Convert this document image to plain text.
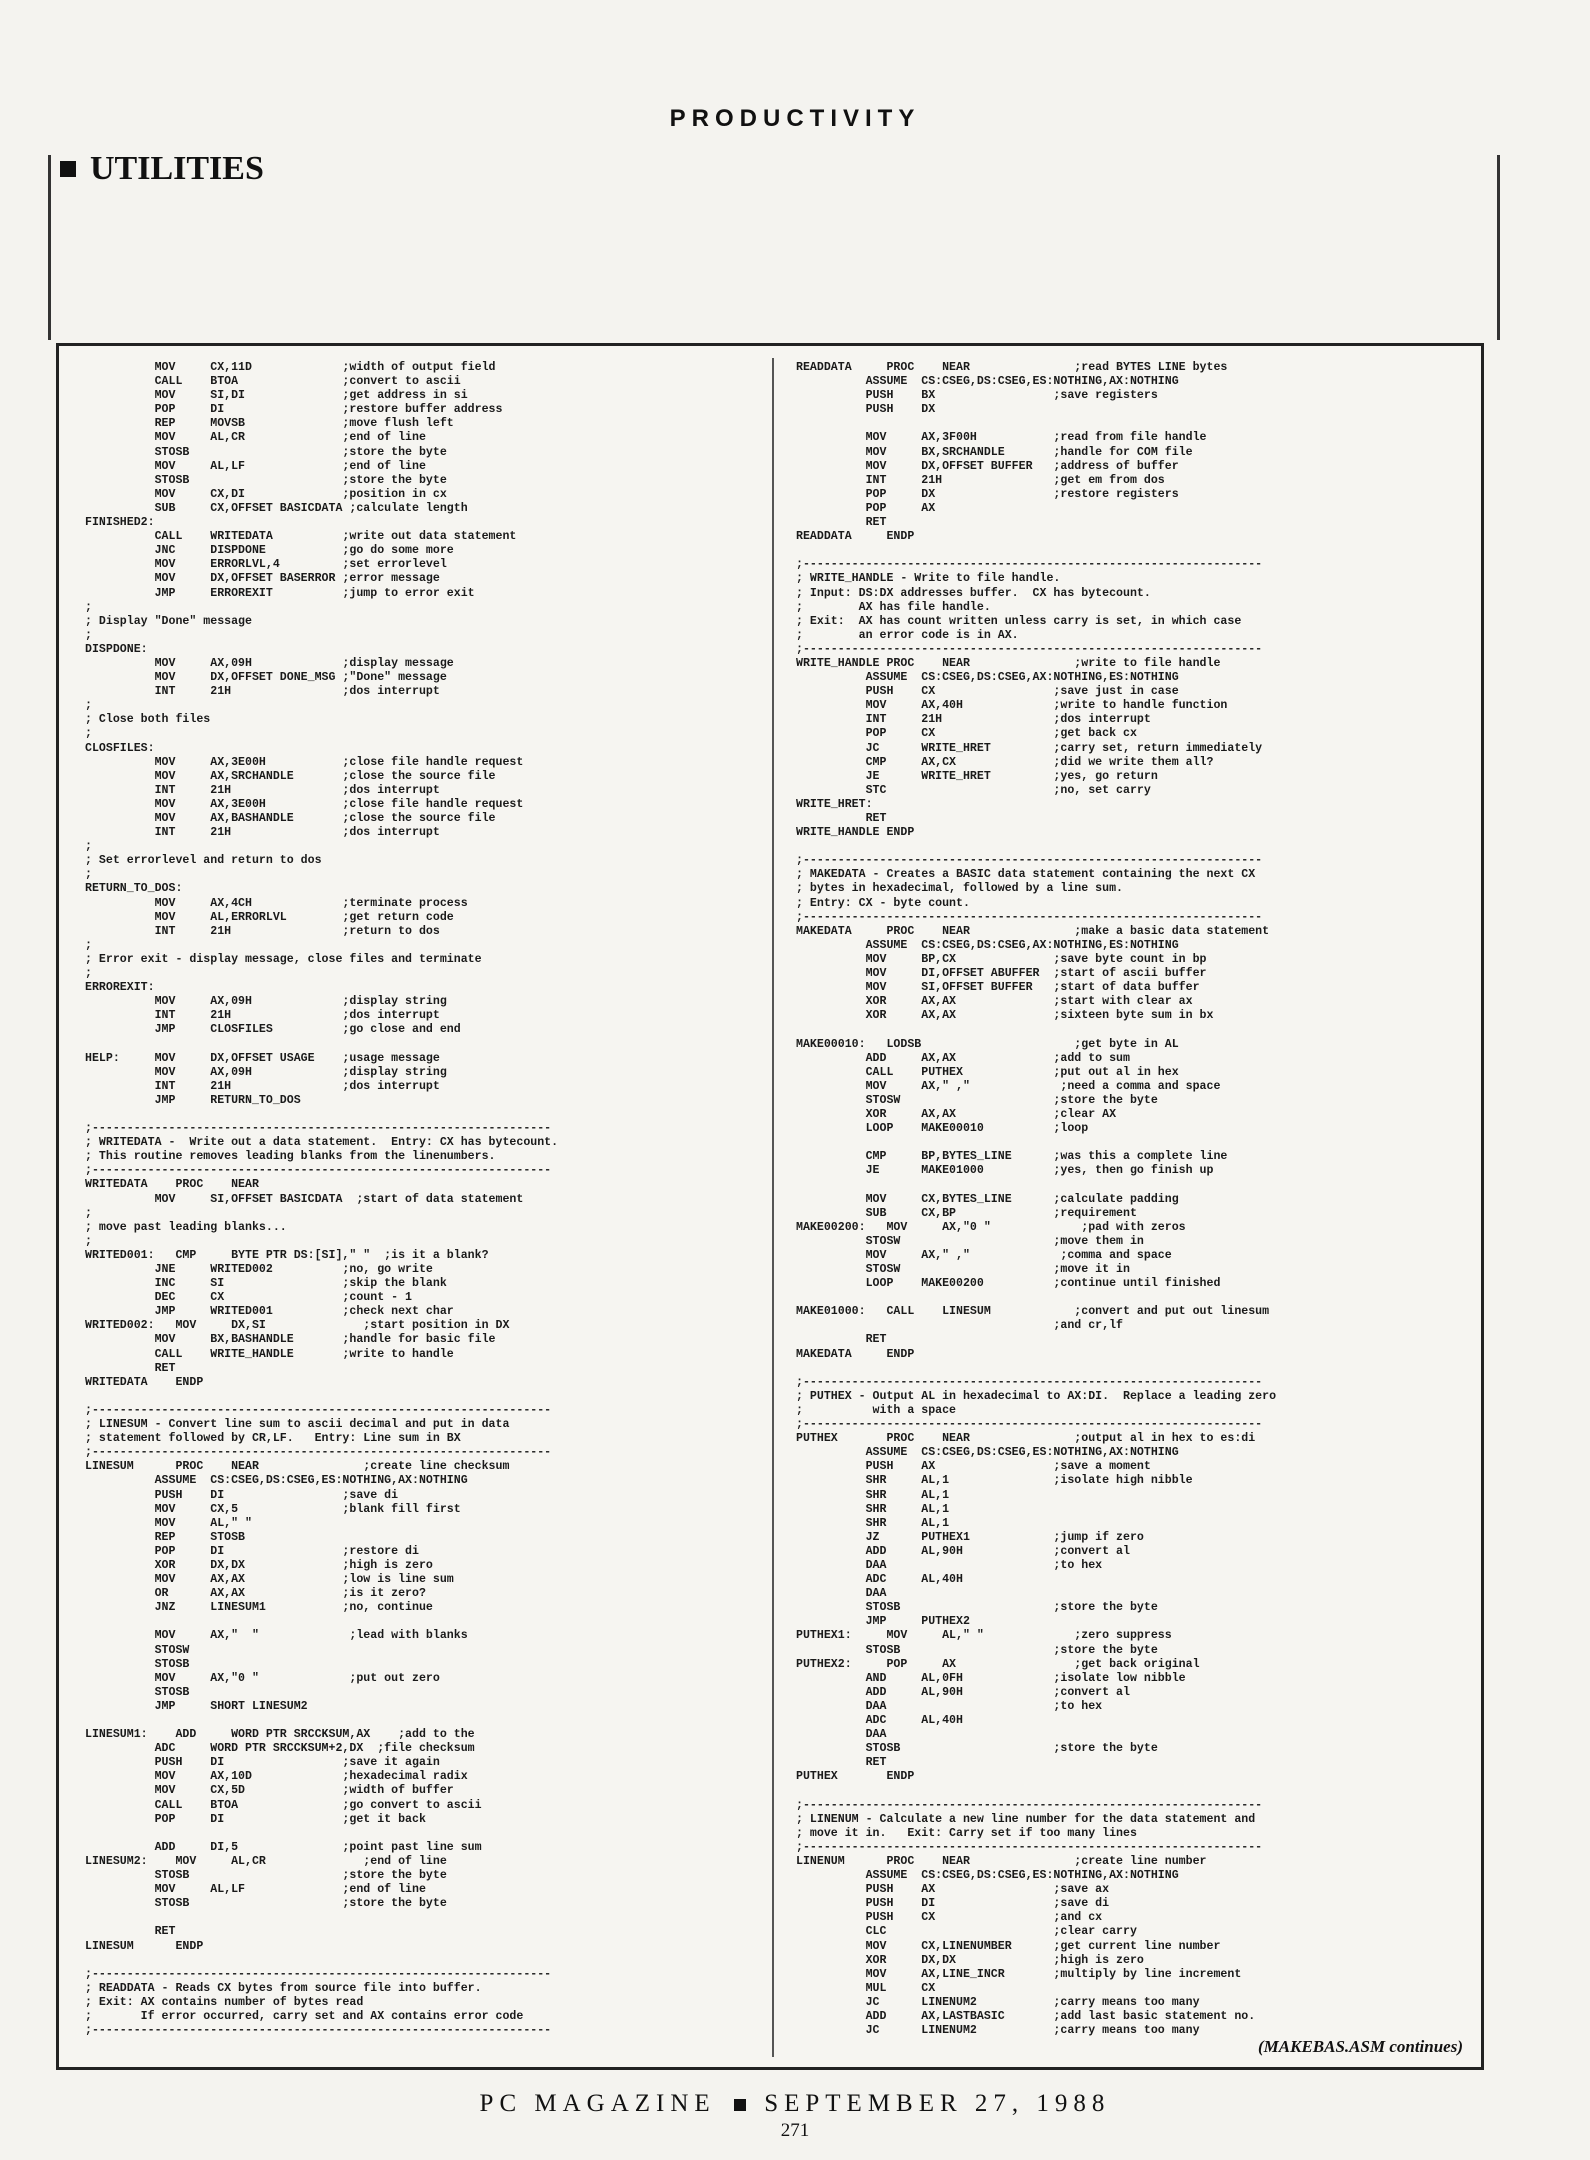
PRODUCTIVITY
UTILITIES
MOV     CX,11D             ;width of output field
CALL    BTOA               ;convert to ascii
MOV     SI,DI              ;get address in si
POP     DI                 ;restore buffer address
REP     MOVSB              ;move flush left
MOV     AL,CR              ;end of line
STOSB                      ;store the byte
MOV     AL,LF              ;end of line
STOSB                      ;store the byte
MOV     CX,DI              ;position in cx
SUB     CX,OFFSET BASICDATA ;calculate length
FINISHED2:
CALL    WRITEDATA          ;write out data statement
JNC     DISPDONE           ;go do some more
MOV     ERRORLVL,4         ;set errorlevel
MOV     DX,OFFSET BASERROR ;error message
JMP     ERROREXIT          ;jump to error exit
;
; Display "Done" message
;
DISPDONE:
MOV     AX,09H             ;display message
MOV     DX,OFFSET DONE_MSG ;"Done" message
INT     21H                ;dos interrupt
;
; Close both files
;
CLOSFILES:
MOV     AX,3E00H           ;close file handle request
MOV     AX,SRCHANDLE       ;close the source file
INT     21H                ;dos interrupt
MOV     AX,3E00H           ;close file handle request
MOV     AX,BASHANDLE       ;close the source file
INT     21H                ;dos interrupt
;
; Set errorlevel and return to dos
;
RETURN_TO_DOS:
MOV     AX,4CH             ;terminate process
MOV     AL,ERRORLVL        ;get return code
INT     21H                ;return to dos
;
; Error exit - display message, close files and terminate
;
ERROREXIT:
MOV     AX,09H             ;display string
INT     21H                ;dos interrupt
JMP     CLOSFILES          ;go close and end
HELP:     MOV     DX,OFFSET USAGE    ;usage message
MOV     AX,09H             ;display string
INT     21H                ;dos interrupt
JMP     RETURN_TO_DOS
;------------------------------------------------------------------
; WRITEDATA -  Write out a data statement.  Entry: CX has bytecount.
; This routine removes leading blanks from the linenumbers.
;------------------------------------------------------------------
WRITEDATA    PROC    NEAR
MOV     SI,OFFSET BASICDATA  ;start of data statement
;
; move past leading blanks...
;
WRITED001:   CMP     BYTE PTR DS:[SI]," "  ;is it a blank?
JNE     WRITED002          ;no, go write
INC     SI                 ;skip the blank
DEC     CX                 ;count - 1
JMP     WRITED001          ;check next char
WRITED002:   MOV     DX,SI              ;start position in DX
MOV     BX,BASHANDLE       ;handle for basic file
CALL    WRITE_HANDLE       ;write to handle
RET
WRITEDATA    ENDP
;------------------------------------------------------------------
; LINESUM - Convert line sum to ascii decimal and put in data
; statement followed by CR,LF.   Entry: Line sum in BX
;------------------------------------------------------------------
LINESUM      PROC    NEAR               ;create line checksum
ASSUME  CS:CSEG,DS:CSEG,ES:NOTHING,AX:NOTHING
PUSH    DI                 ;save di
MOV     CX,5               ;blank fill first
MOV     AL," "
REP     STOSB
POP     DI                 ;restore di
XOR     DX,DX              ;high is zero
MOV     AX,AX              ;low is line sum
OR      AX,AX              ;is it zero?
JNZ     LINESUM1           ;no, continue
MOV     AX,"  "             ;lead with blanks
STOSW
STOSB
MOV     AX,"0 "             ;put out zero
STOSB
JMP     SHORT LINESUM2
LINESUM1:    ADD     WORD PTR SRCCKSUM,AX    ;add to the
ADC     WORD PTR SRCCKSUM+2,DX  ;file checksum
PUSH    DI                 ;save it again
MOV     AX,10D             ;hexadecimal radix
MOV     CX,5D              ;width of buffer
CALL    BTOA               ;go convert to ascii
POP     DI                 ;get it back
ADD     DI,5               ;point past line sum
LINESUM2:    MOV     AL,CR              ;end of line
STOSB                      ;store the byte
MOV     AL,LF              ;end of line
STOSB                      ;store the byte
RET
LINESUM      ENDP
;------------------------------------------------------------------
; READDATA - Reads CX bytes from source file into buffer.
; Exit: AX contains number of bytes read
;       If error occurred, carry set and AX contains error code
;------------------------------------------------------------------
READDATA     PROC    NEAR               ;read BYTES LINE bytes
ASSUME  CS:CSEG,DS:CSEG,ES:NOTHING,AX:NOTHING
PUSH    BX                 ;save registers
PUSH    DX
MOV     AX,3F00H           ;read from file handle
MOV     BX,SRCHANDLE       ;handle for COM file
MOV     DX,OFFSET BUFFER   ;address of buffer
INT     21H                ;get em from dos
POP     DX                 ;restore registers
POP     AX
RET
READDATA     ENDP
;------------------------------------------------------------------
; WRITE_HANDLE - Write to file handle.
; Input: DS:DX addresses buffer.  CX has bytecount.
;        AX has file handle.
; Exit:  AX has count written unless carry is set, in which case
;        an error code is in AX.
;------------------------------------------------------------------
WRITE_HANDLE PROC    NEAR               ;write to file handle
ASSUME  CS:CSEG,DS:CSEG,AX:NOTHING,ES:NOTHING
PUSH    CX                 ;save just in case
MOV     AX,40H             ;write to handle function
INT     21H                ;dos interrupt
POP     CX                 ;get back cx
JC      WRITE_HRET         ;carry set, return immediately
CMP     AX,CX              ;did we write them all?
JE      WRITE_HRET         ;yes, go return
STC                        ;no, set carry
WRITE_HRET:
RET
WRITE_HANDLE ENDP
;------------------------------------------------------------------
; MAKEDATA - Creates a BASIC data statement containing the next CX
; bytes in hexadecimal, followed by a line sum.
; Entry: CX - byte count.
;------------------------------------------------------------------
MAKEDATA     PROC    NEAR               ;make a basic data statement
ASSUME  CS:CSEG,DS:CSEG,AX:NOTHING,ES:NOTHING
MOV     BP,CX              ;save byte count in bp
MOV     DI,OFFSET ABUFFER  ;start of ascii buffer
MOV     SI,OFFSET BUFFER   ;start of data buffer
XOR     AX,AX              ;start with clear ax
XOR     AX,AX              ;sixteen byte sum in bx
MAKE00010:   LODSB                      ;get byte in AL
ADD     AX,AX              ;add to sum
CALL    PUTHEX             ;put out al in hex
MOV     AX," ,"             ;need a comma and space
STOSW                      ;store the byte
XOR     AX,AX              ;clear AX
LOOP    MAKE00010          ;loop
CMP     BP,BYTES_LINE      ;was this a complete line
JE      MAKE01000          ;yes, then go finish up
MOV     CX,BYTES_LINE      ;calculate padding
SUB     CX,BP              ;requirement
MAKE00200:   MOV     AX,"0 "             ;pad with zeros
STOSW                      ;move them in
MOV     AX," ,"             ;comma and space
STOSW                      ;move it in
LOOP    MAKE00200          ;continue until finished
MAKE01000:   CALL    LINESUM            ;convert and put out linesum
;and cr,lf
RET
MAKEDATA     ENDP
;------------------------------------------------------------------
; PUTHEX - Output AL in hexadecimal to AX:DI.  Replace a leading zero
;          with a space
;------------------------------------------------------------------
PUTHEX       PROC    NEAR               ;output al in hex to es:di
ASSUME  CS:CSEG,DS:CSEG,ES:NOTHING,AX:NOTHING
PUSH    AX                 ;save a moment
SHR     AL,1               ;isolate high nibble
SHR     AL,1
SHR     AL,1
SHR     AL,1
JZ      PUTHEX1            ;jump if zero
ADD     AL,90H             ;convert al
DAA                        ;to hex
ADC     AL,40H
DAA
STOSB                      ;store the byte
JMP     PUTHEX2
PUTHEX1:     MOV     AL," "             ;zero suppress
STOSB                      ;store the byte
PUTHEX2:     POP     AX                 ;get back original
AND     AL,0FH             ;isolate low nibble
ADD     AL,90H             ;convert al
DAA                        ;to hex
ADC     AL,40H
DAA
STOSB                      ;store the byte
RET
PUTHEX       ENDP
;------------------------------------------------------------------
; LINENUM - Calculate a new line number for the data statement and
; move it in.   Exit: Carry set if too many lines
;------------------------------------------------------------------
LINENUM      PROC    NEAR               ;create line number
ASSUME  CS:CSEG,DS:CSEG,ES:NOTHING,AX:NOTHING
PUSH    AX                 ;save ax
PUSH    DI                 ;save di
PUSH    CX                 ;and cx
CLC                        ;clear carry
MOV     CX,LINENUMBER      ;get current line number
XOR     DX,DX              ;high is zero
MOV     AX,LINE_INCR       ;multiply by line increment
MUL     CX
JC      LINENUM2           ;carry means too many
ADD     AX,LASTBASIC       ;add last basic statement no.
JC      LINENUM2           ;carry means too many
(MAKEBAS.ASM continues)
PC MAGAZINE SEPTEMBER 27, 1988
271
